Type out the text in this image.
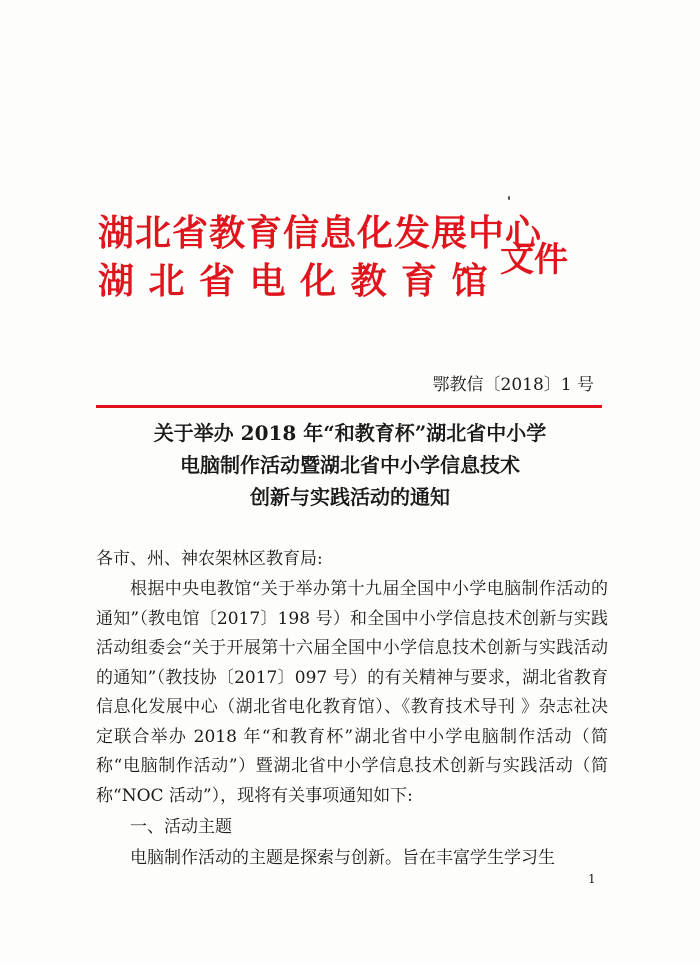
湖北省教育信息化发展中心
湖北省电化教育馆
文件
鄂教信〔2018〕1 号
关于举办 2018 年“和教育杯”湖北省中小学
电脑制作活动暨湖北省中小学信息技术
创新与实践活动的通知
各市、州、神农架林区教育局:
根据中央电教馆“关于举办第十九届全国中小学电脑制作活动的通知”（教电馆〔2017〕198 号）和全国中小学信息技术创新与实践活动组委会“关于开展第十六届全国中小学信息技术创新与实践活动的通知”（教技协〔2017〕097 号）的有关精神与要求，湖北省教育信息化发展中心（湖北省电化教育馆）、《教育技术导刊 》杂志社决定联合举办 2018 年“和教育杯”湖北省中小学电脑制作活动（简称“电脑制作活动”）暨湖北省中小学信息技术创新与实践活动（简称“NOC 活动”），现将有关事项通知如下:
一、活动主题
电脑制作活动的主题是探索与创新。旨在丰富学生学习生
1
